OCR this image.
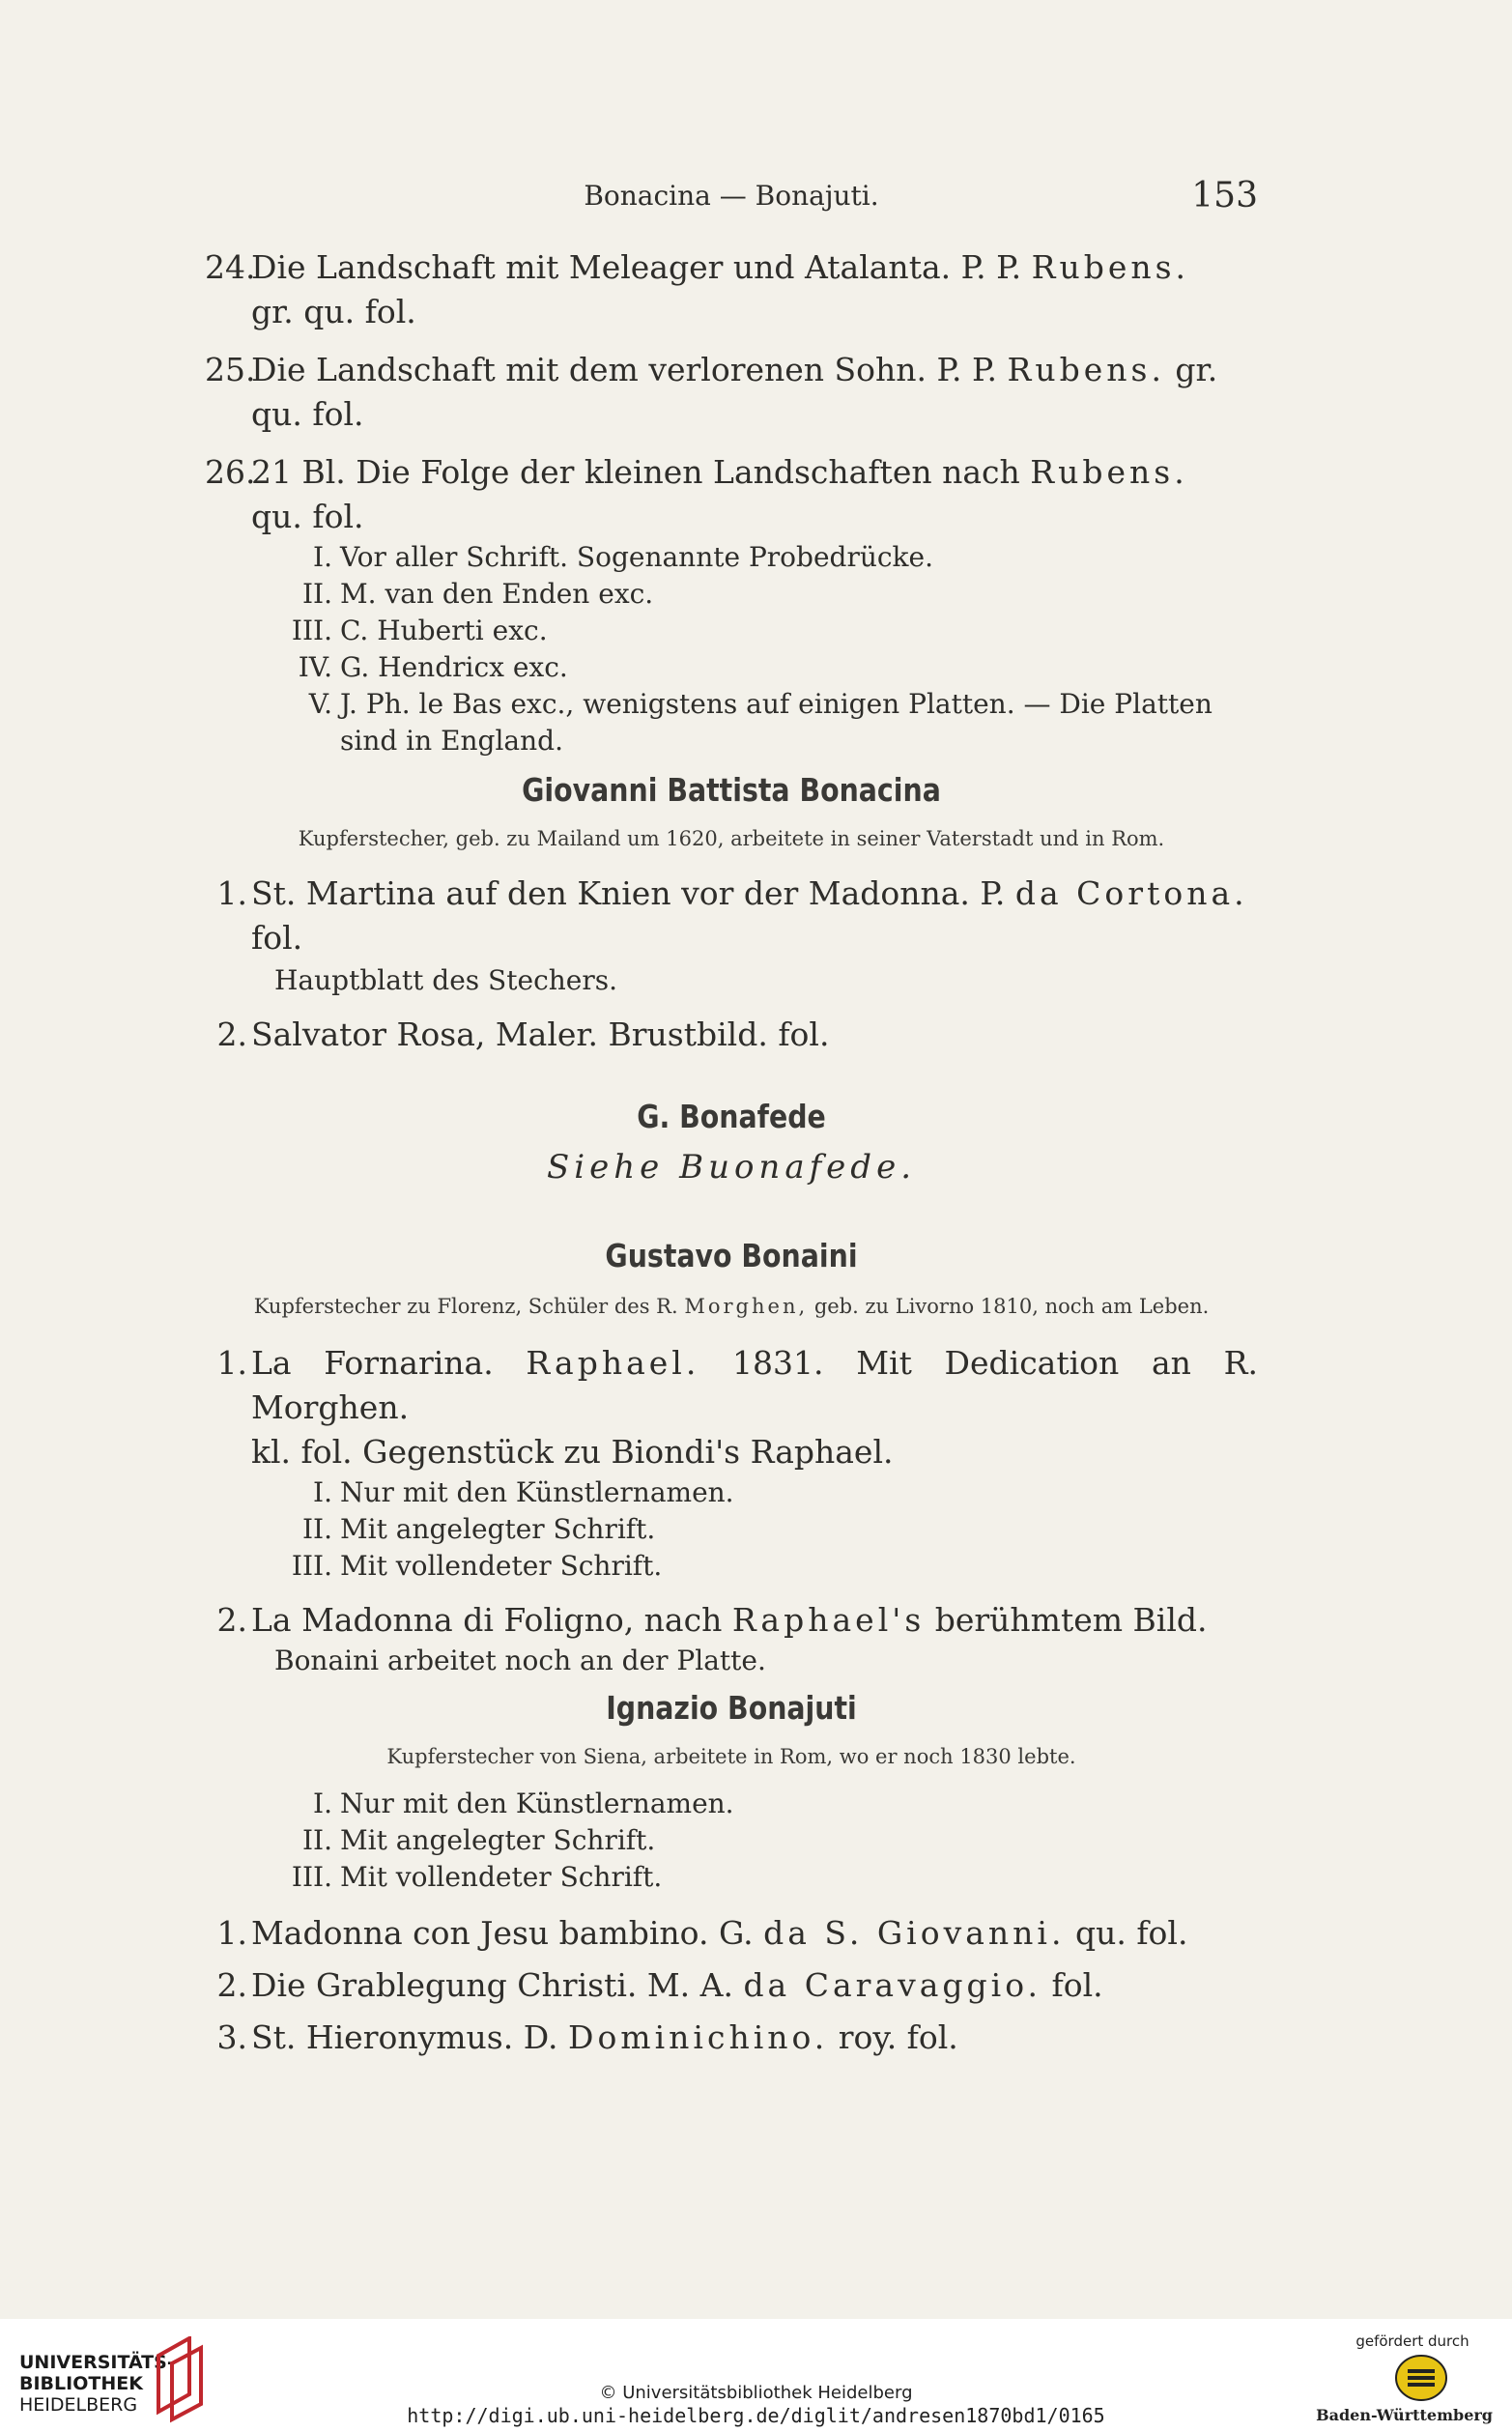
Bonacina — Bonajuti.	153
24.
Die Landschaft mit Meleager und Atalanta. P. P. Rubens.
gr. qu. fol.
25.
Die Landschaft mit dem verlorenen Sohn. P. P. Rubens. gr.
qu. fol.
26.
21 Bl. Die Folge der kleinen Landschaften nach Rubens.
qu. fol.
I. Vor aller Schrift. Sogenannte Probedrücke.
II. M. van den Enden exc.
III. C. Huberti exc.
IV. G. Hendricx exc.
V. J. Ph. le Bas exc., wenigstens auf einigen Platten. — Die Platten
sind in England.
Giovanni Battista Bonacina
Kupferstecher, geb. zu Mailand um 1620, arbeitete in seiner Vaterstadt und in Rom.
1. St. Martina auf den Knien vor der Madonna. P. da Cortona.
fol.
Hauptblatt des Stechers.
2. Salvator Rosa, Maler. Brustbild. fol.
G. Bonafede
Siehe Buonafede.
Gustavo Bonaini
Kupferstecher zu Florenz, Schüler des R. Morghen, geb. zu Livorno 1810, noch am Leben.
1. La Fornarina. Raphael. 1831. Mit Dedication an R. Morghen.
kl. fol. Gegenstück zu Biondi's Raphael.
I. Nur mit den Künstlernamen.
II. Mit angelegter Schrift.
III. Mit vollendeter Schrift.
2. La Madonna di Foligno, nach Raphael's berühmtem Bild.
Bonaini arbeitet noch an der Platte.
Ignazio Bonajuti
Kupferstecher von Siena, arbeitete in Rom, wo er noch 1830 lebte.
I. Nur mit den Künstlernamen.
II. Mit angelegter Schrift.
III. Mit vollendeter Schrift.
1. Madonna con Jesu bambino. G. da S. Giovanni. qu. fol.
2. Die Grablegung Christi. M. A. da Caravaggio. fol.
3. St. Hieronymus. D. Dominichino. roy. fol.
UNIVERSITÄTS-
BIBLIOTHEK
HEIDELBERG
© Universitätsbibliothek Heidelberg
http://digi.ub.uni-heidelberg.de/diglit/andresen1870bd1/0165
gefördert durch
Baden-Württemberg
